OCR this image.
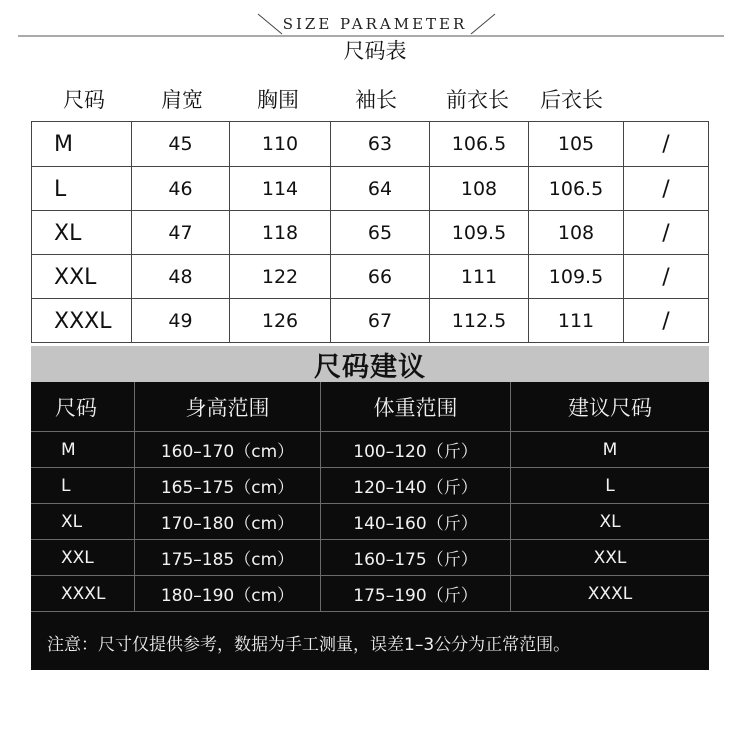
SIZE PARAMETER
尺码表
尺码	肩宽	胸围	袖长 前衣长 后衣长
M	45	110	63	106.5	105	/
L	46	114	64	108	106.5	/
XL	47	118	65	109.5	108	/
XXL	48	122	66	111	109.5	/
XXXL	49	126	67	112.5	111	/
尺码建议
尺码	身高范围	体重范围	建议尺码
M	160–170（cm）	100–120（斤）	M
L	165–175（cm）	120–140（斤）	L
XL	170–180（cm）	140–160（斤）	XL
XXL	175–185（cm）	160–175（斤）	XXL
XXXL	180–190（cm）	175–190（斤）	XXXL
注意：尺寸仅提供参考，数据为手工测量，误差1–3公分为正常范围。
